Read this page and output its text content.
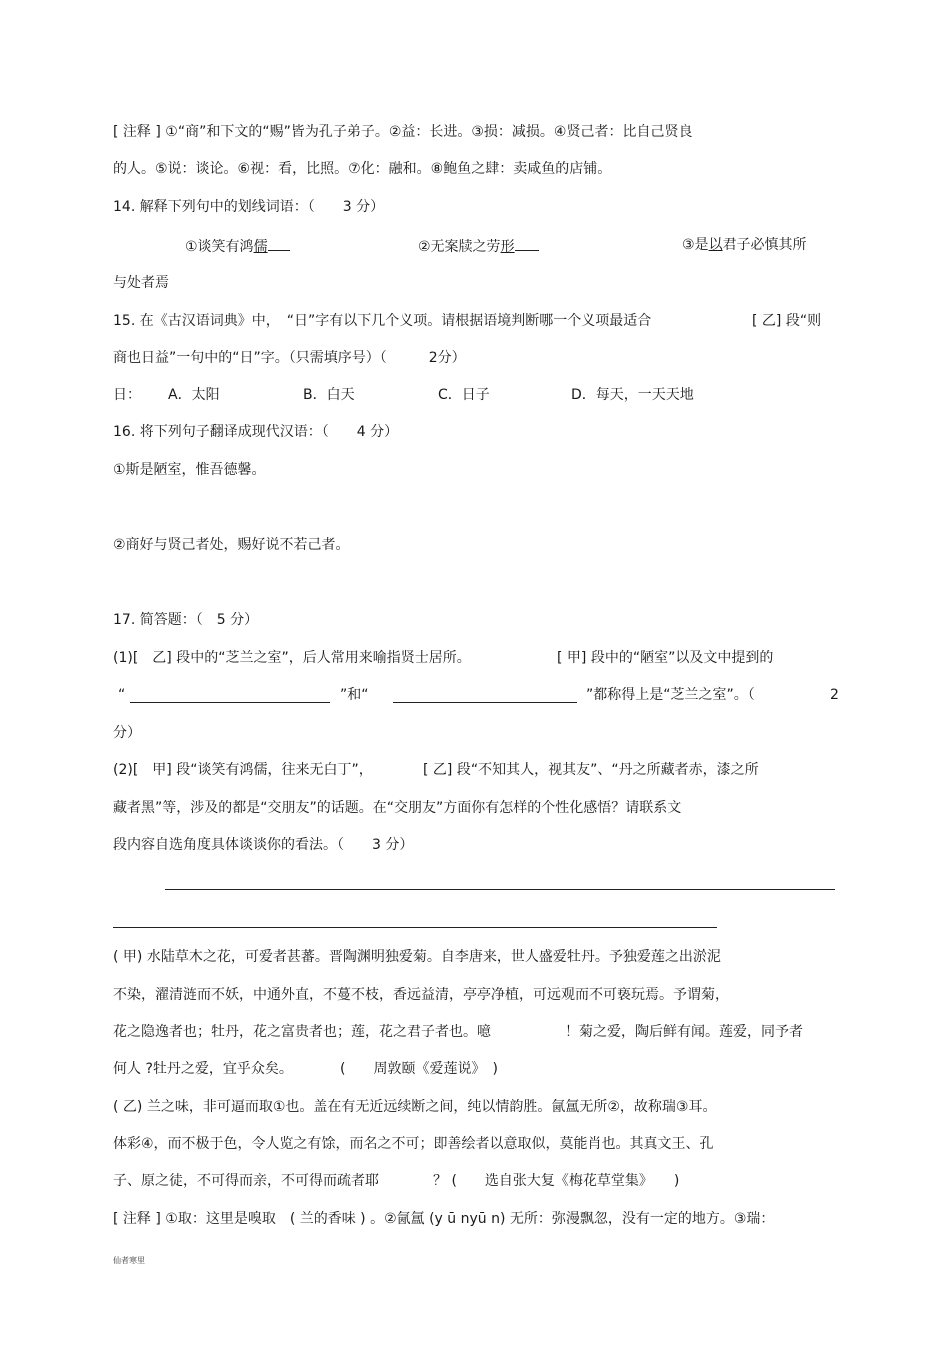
[ 注释 ] ①“商”和下文的“赐”皆为孔子弟子。②益：长进。③损：减损。④贤己者：比自己贤良
的人。⑤说：谈论。⑥视：看，比照。⑦化：融和。⑧鲍鱼之肆：卖咸鱼的店铺。
14. 解释下列句中的划线词语：（　　3 分）
①谈笑有鸿儒	②无案牍之劳形	③是以君子必慎其所
与处者焉
15. 在《古汉语词典》中，　“日”字有以下几个义项。请根据语境判断哪一个义项最适合	[ 乙] 段“则
商也日益”一句中的“日”字。（只需填序号）（　　　2分）
日： A．太阳	B．白天	C．日子	D．每天，一天天地
16. 将下列句子翻译成现代汉语：（　　4 分）
①斯是陋室，惟吾德馨。
②商好与贤己者处，赐好说不若己者。
17. 简答题：（　5 分）
(1)[　乙] 段中的“芝兰之室”，后人常用来喻指贤士居所。	[ 甲] 段中的“陋室”以及文中提到的
“	”和“	”都称得上是“芝兰之室”。（	2
分）
(2)[　甲] 段“谈笑有鸿儒，往来无白丁”，	[ 乙] 段“不知其人，视其友”、“丹之所藏者赤，漆之所
藏者黑”等，涉及的都是“交朋友”的话题。在“交朋友”方面你有怎样的个性化感悟？请联系文
段内容自选角度具体谈谈你的看法。（　　3 分）
( 甲) 水陆草木之花，可爱者甚蕃。晋陶渊明独爱菊。自李唐来，世人盛爱牡丹。予独爱莲之出淤泥
不染，濯清涟而不妖，中通外直，不蔓不枝，香远益清，亭亭净植，可远观而不可亵玩焉。予谓菊，
花之隐逸者也；牡丹，花之富贵者也；莲，花之君子者也。噫	！菊之爱，陶后鲜有闻。莲爱，同予者
何人 ?牡丹之爱，宜乎众矣。	(　　周敦颐《爱莲说》　)
( 乙) 兰之味，非可逼而取①也。盖在有无近远续断之间，纯以情韵胜。氤氲无所②，故称瑞③耳。
体彩④，而不极于色，令人览之有馀，而名之不可；即善绘者以意取似，莫能肖也。其真文王、孔
子、原之徒，不可得而亲，不可得而疏者耶	？ (　　选自张大复《梅花草堂集》　　)
[ 注释 ] ①取：这里是嗅取　( 兰的香味 ) 。②氤氲 (y ū nyū n) 无所：弥漫飘忽，没有一定的地方。③瑞：
仙者寒里
